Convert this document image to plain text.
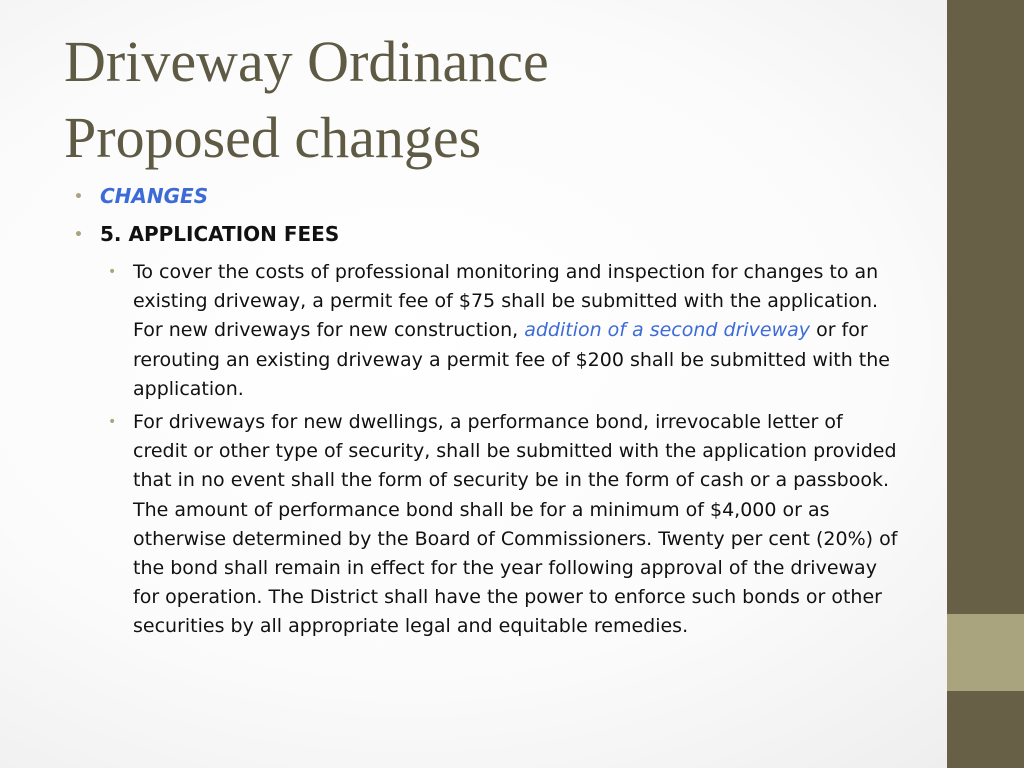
Driveway Ordinance
Proposed changes
• CHANGES
• 5. APPLICATION FEES
• To cover the costs of professional monitoring and inspection for changes to an existing driveway, a permit fee of $75 shall be submitted with the application. For new driveways for new construction, addition of a second driveway or for rerouting an existing driveway a permit fee of $200 shall be submitted with the application.
• For driveways for new dwellings, a performance bond, irrevocable letter of credit or other type of security, shall be submitted with the application provided that in no event shall the form of security be in the form of cash or a passbook. The amount of performance bond shall be for a minimum of $4,000 or as otherwise determined by the Board of Commissioners. Twenty per cent (20%) of the bond shall remain in effect for the year following approval of the driveway for operation. The District shall have the power to enforce such bonds or other securities by all appropriate legal and equitable remedies.
